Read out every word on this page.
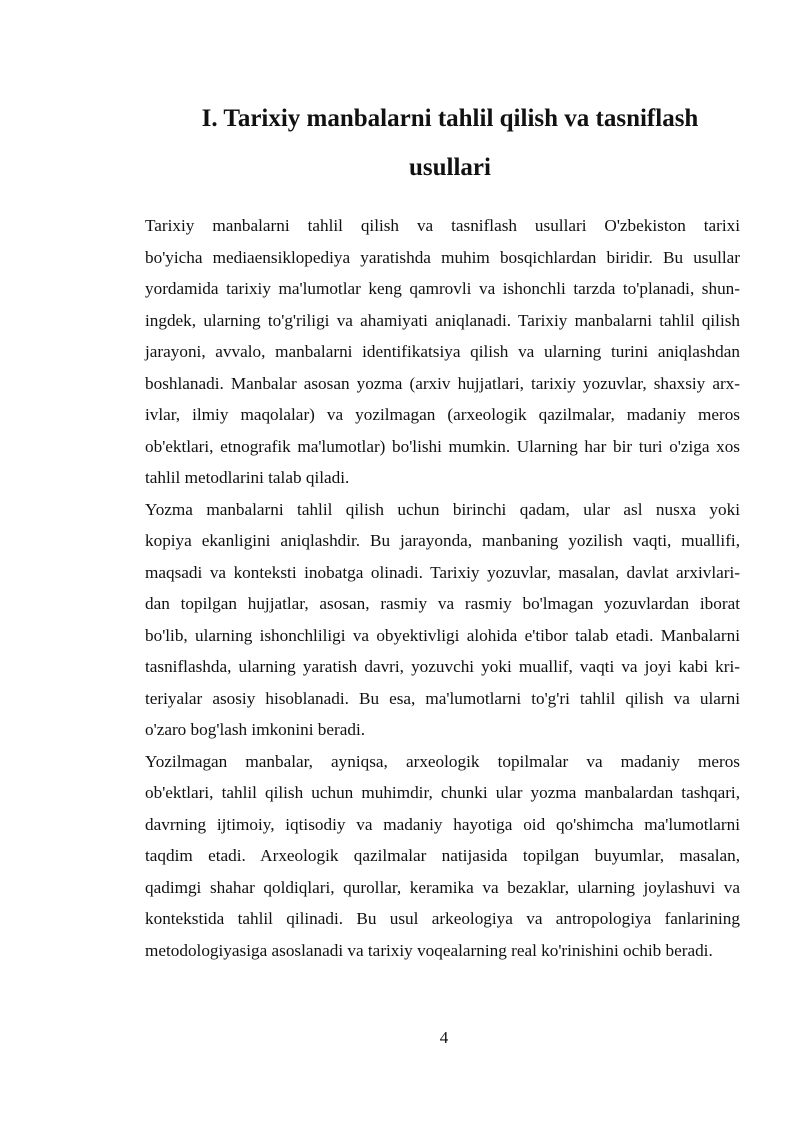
I. Tarixiy manbalarni tahlil qilish va tasniflash
usullari

Tarixiy manbalarni tahlil qilish va tasniflash usullari O'zbekiston tarixi
bo'yicha mediaensiklopediya yaratishda muhim bosqichlardan biridir. Bu usullar
yordamida tarixiy ma'lumotlar keng qamrovli va ishonchli tarzda to'planadi, shun-
ingdek, ularning to'g'riligi va ahamiyati aniqlanadi. Tarixiy manbalarni tahlil qilish
jarayoni, avvalo, manbalarni identifikatsiya qilish va ularning turini aniqlashdan
boshlanadi. Manbalar asosan yozma (arxiv hujjatlari, tarixiy yozuvlar, shaxsiy arx-
ivlar, ilmiy maqolalar) va yozilmagan (arxeologik qazilmalar, madaniy meros
ob'ektlari, etnografik ma'lumotlar) bo'lishi mumkin. Ularning har bir turi o'ziga xos
tahlil metodlarini talab qiladi.

Yozma manbalarni tahlil qilish uchun birinchi qadam, ular asl nusxa yoki
kopiya ekanligini aniqlashdir. Bu jarayonda, manbaning yozilish vaqti, muallifi,
maqsadi va konteksti inobatga olinadi. Tarixiy yozuvlar, masalan, davlat arxivlari-
dan topilgan hujjatlar, asosan, rasmiy va rasmiy bo'lmagan yozuvlardan iborat
bo'lib, ularning ishonchliligi va obyektivligi alohida e'tibor talab etadi. Manbalarni
tasniflashda, ularning yaratish davri, yozuvchi yoki muallif, vaqti va joyi kabi kri-
teriyalar asosiy hisoblanadi. Bu esa, ma'lumotlarni to'g'ri tahlil qilish va ularni
o'zaro bog'lash imkonini beradi.

Yozilmagan manbalar, ayniqsa, arxeologik topilmalar va madaniy meros
ob'ektlari, tahlil qilish uchun muhimdir, chunki ular yozma manbalardan tashqari,
davrning ijtimoiy, iqtisodiy va madaniy hayotiga oid qo'shimcha ma'lumotlarni
taqdim etadi. Arxeologik qazilmalar natijasida topilgan buyumlar, masalan,
qadimgi shahar qoldiqlari, qurollar, keramika va bezaklar, ularning joylashuvi va
kontekstida tahlil qilinadi. Bu usul arkeologiya va antropologiya fanlarining
metodologiyasiga asoslanadi va tarixiy voqealarning real ko'rinishini ochib beradi.

4
